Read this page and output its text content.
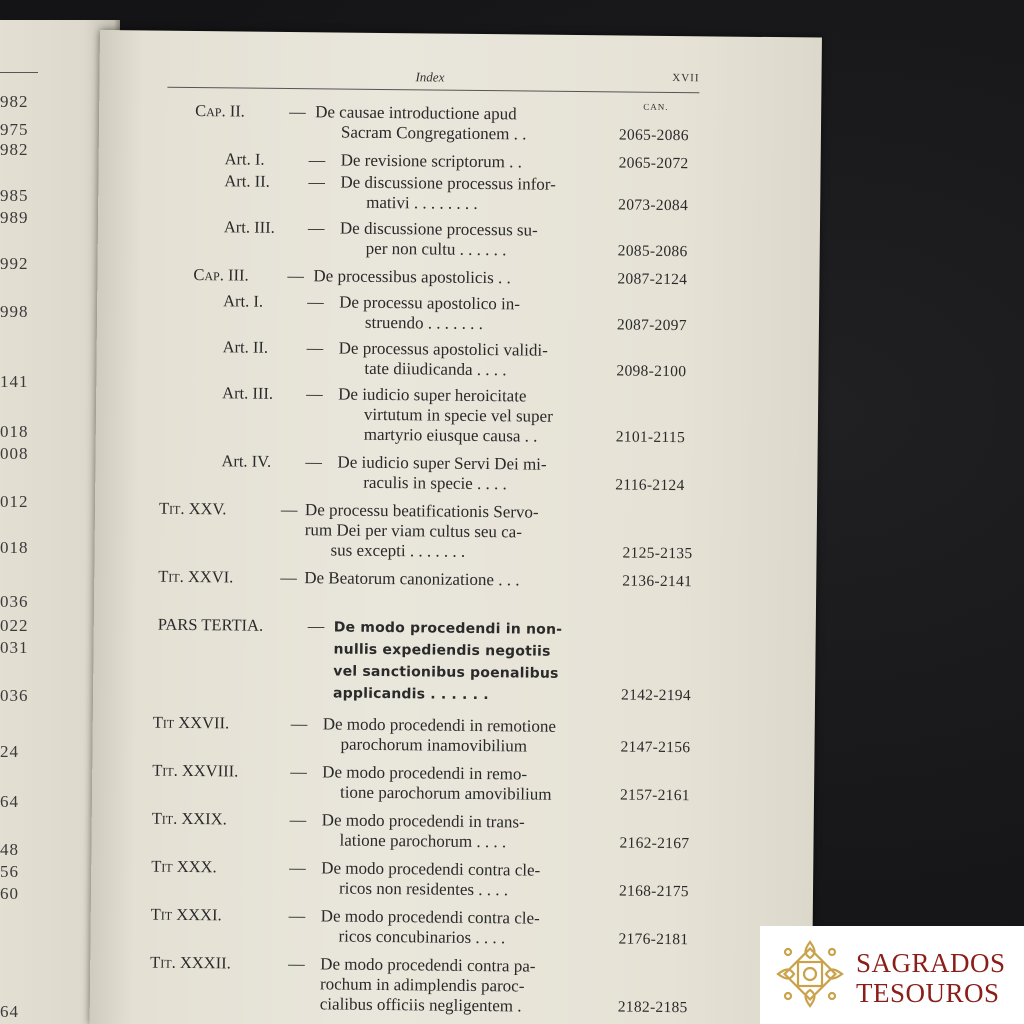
982
975
982
985
989
992
998
141
018
008
012
018
036
022
031
036
24
64
48
56
60
64
Index	XVII
CAN.
Cap. II.	— De causae introductione apud
Sacram Congregationem . .	2065-2086
Art. I.	— De revisione scriptorum . .	2065-2072
Art. II. — De discussione processus infor-
mativi . . . . . . . .	2073-2084
Art. III. — De discussione processus su-
per non cultu . . . . . .	2085-2086
Cap. III. — De processibus apostolicis . .	2087-2124
Art. I.	— De processu apostolico in-
struendo . . . . . . .	2087-2097
Art. II. — De processus apostolici validi-
tate diiudicanda . . . .	2098-2100
Art. III. — De iudicio super heroicitate
virtutum in specie vel super
martyrio eiusque causa . .	2101-2115
Art. IV. — De iudicio super Servi Dei mi-
raculis in specie . . . .	2116-2124
Tit. XXV.	— De processu beatificationis Servo-
rum Dei per viam cultus seu ca-
sus excepti . . . . . . .	2125-2135
Tit. XXVI.	— De Beatorum canonizatione . . .	2136-2141
PARS TERTIA.	— De modo procedendi in non-
nullis expediendis negotiis
vel sanctionibus poenalibus
applicandis . . . . . .	2142-2194
Tit XXVII.	— De modo procedendi in remotione
parochorum inamovibilium	2147-2156
Tit. XXVIII.	— De modo procedendi in remo-
tione parochorum amovibilium	2157-2161
Tit. XXIX.	— De modo procedendi in trans-
latione parochorum . . . .	2162-2167
Tit XXX.	— De modo procedendi contra cle-
ricos non residentes . . . .	2168-2175
Tit XXXI.	— De modo procedendi contra cle-
ricos concubinarios . . . .	2176-2181
Tit. XXXII.	— De modo procedendi contra pa-
rochum in adimplendis paroc-
cialibus officiis negligentem .	2182-2185
SAGRADOS
TESOUROS
